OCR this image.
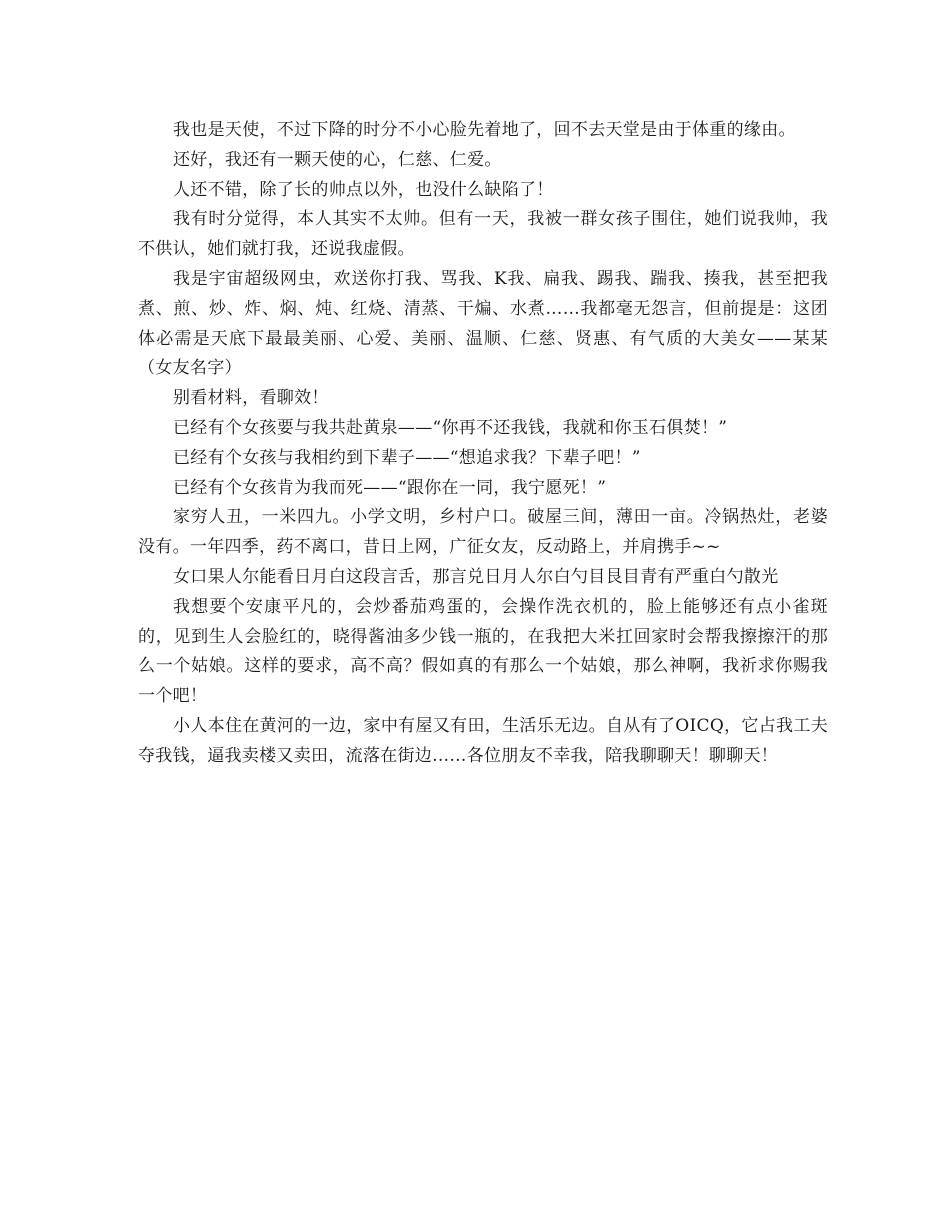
我也是天使，不过下降的时分不小心脸先着地了，回不去天堂是由于体重的缘由。

还好，我还有一颗天使的心，仁慈、仁爱。

人还不错，除了长的帅点以外，也没什么缺陷了！

我有时分觉得，本人其实不太帅。但有一天，我被一群女孩子围住，她们说我帅，我不供认，她们就打我，还说我虚假。

我是宇宙超级网虫，欢送你打我、骂我、K我、扁我、踢我、踹我、揍我，甚至把我煮、煎、炒、炸、焖、炖、红烧、清蒸、干煸、水煮……我都毫无怨言，但前提是：这团体必需是天底下最最美丽、心爱、美丽、温顺、仁慈、贤惠、有气质的大美女——某某（女友名字）

别看材料，看聊效！

已经有个女孩要与我共赴黄泉——“你再不还我钱，我就和你玉石俱焚！”

已经有个女孩与我相约到下辈子——“想追求我？下辈子吧！”

已经有个女孩肯为我而死——“跟你在一同，我宁愿死！”

家穷人丑，一米四九。小学文明，乡村户口。破屋三间，薄田一亩。冷锅热灶，老婆没有。一年四季，药不离口，昔日上网，广征女友，反动路上，并肩携手~~

女口果人尔能看日月白这段言舌，那言兑日月人尔白勺目艮目青有严重白勺散光

我想要个安康平凡的，会炒番茄鸡蛋的，会操作洗衣机的，脸上能够还有点小雀斑的，见到生人会脸红的，晓得酱油多少钱一瓶的，在我把大米扛回家时会帮我擦擦汗的那么一个姑娘。这样的要求，高不高？假如真的有那么一个姑娘，那么神啊，我祈求你赐我一个吧！

小人本住在黄河的一边，家中有屋又有田，生活乐无边。自从有了OICQ，它占我工夫夺我钱，逼我卖楼又卖田，流落在街边……各位朋友不幸我，陪我聊聊天！聊聊天！
